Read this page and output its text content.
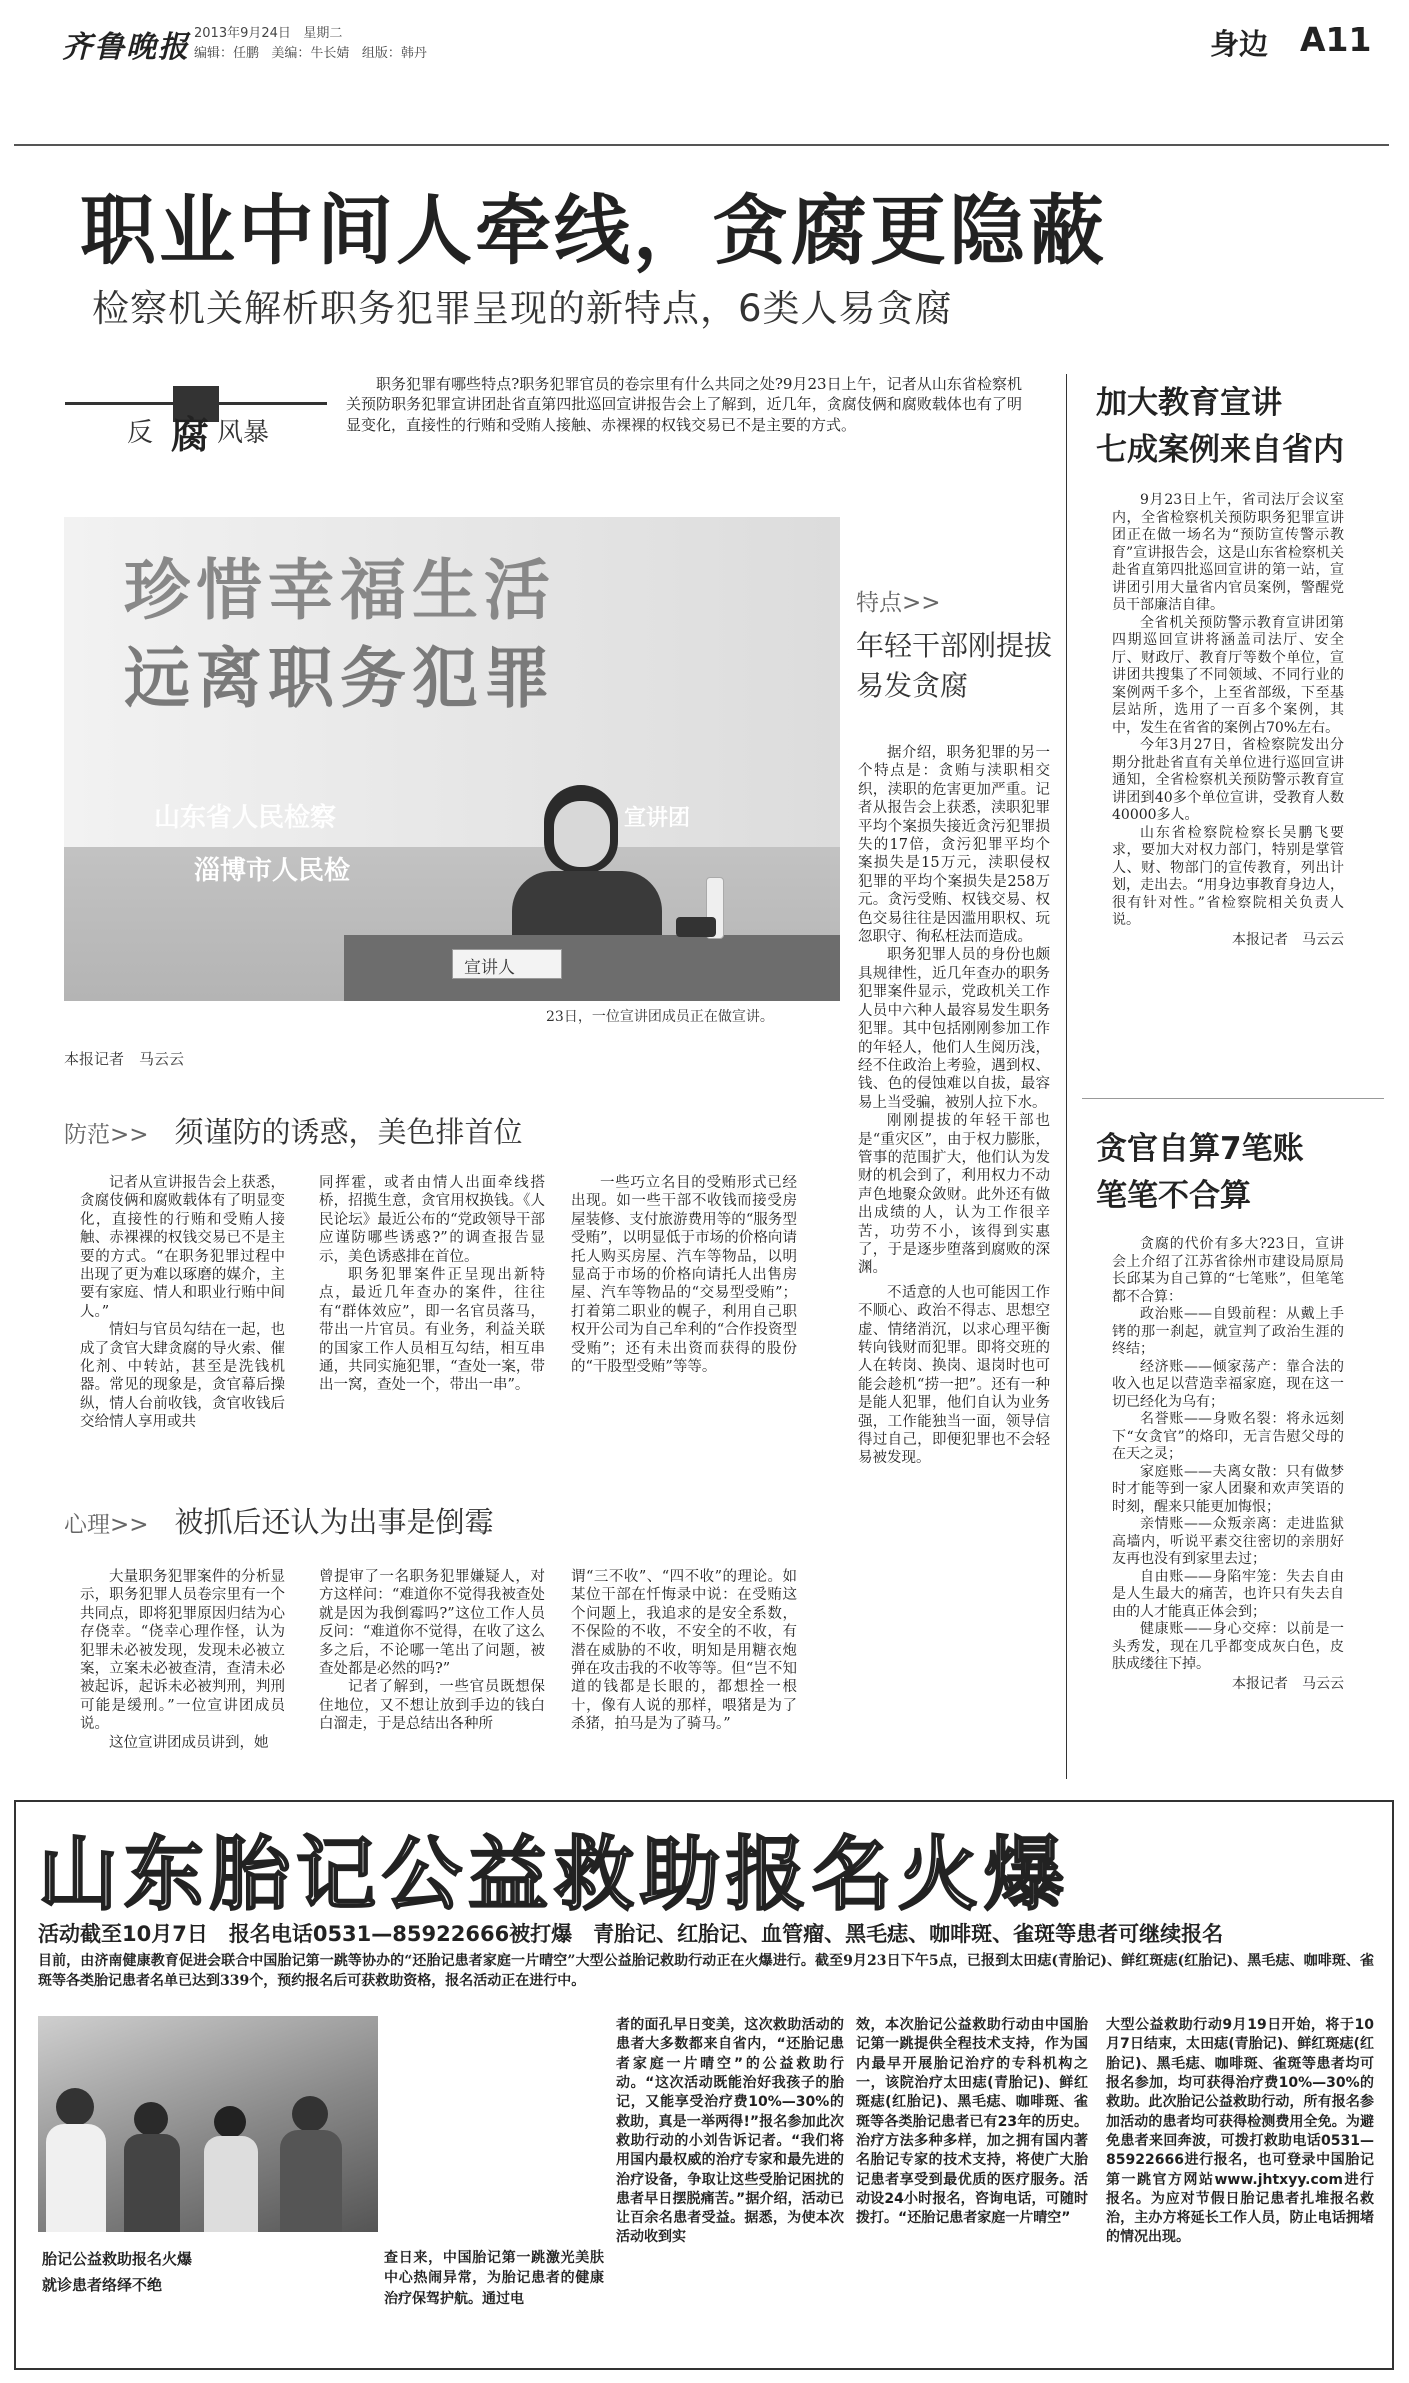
齐鲁晚报 2013年9月24日 星期二
编辑：任鹏 美编：牛长婧 组版：韩丹	身边 A11
职业中间人牵线，贪腐更隐蔽
检察机关解析职务犯罪呈现的新特点，6类人易贪腐
反 腐 风暴

职务犯罪有哪些特点?职务犯罪官员的卷宗里有什么共同之处?9月23日上午，记者从山东省检察机关预防职务犯罪宣讲团赴省直第四批巡回宣讲报告会上了解到，近几年，贪腐伎俩和腐败载体也有了明显变化，直接性的行贿和受贿人接触、赤裸裸的权钱交易已不是主要的方式。

珍惜幸福生活
远离职务犯罪
山东省人民检察
淄博市人民检
宣讲团
宣讲人
23日，一位宣讲团成员正在做宣讲。
本报记者　马云云
特点>>
年轻干部刚提拔
易发贪腐

据介绍，职务犯罪的另一个特点是：贪贿与渎职相交织，渎职的危害更加严重。记者从报告会上获悉，渎职犯罪平均个案损失接近贪污犯罪损失的17倍，贪污犯罪平均个案损失是15万元，渎职侵权犯罪的平均个案损失是258万元。贪污受贿、权钱交易、权色交易往往是因滥用职权、玩忽职守、徇私枉法而造成。

职务犯罪人员的身份也颇具规律性，近几年查办的职务犯罪案件显示，党政机关工作人员中六种人最容易发生职务犯罪。其中包括刚刚参加工作的年轻人，他们人生阅历浅，经不住政治上考验，遇到权、钱、色的侵蚀难以自拔，最容易上当受骗，被别人拉下水。

刚刚提拔的年轻干部也是“重灾区”，由于权力膨胀，管事的范围扩大，他们认为发财的机会到了，利用权力不动声色地聚众敛财。此外还有做出成绩的人，认为工作很辛苦，功劳不小，该得到实惠了，于是逐步堕落到腐败的深渊。

不适意的人也可能因工作不顺心、政治不得志、思想空虚、情绪消沉，以求心理平衡转向钱财而犯罪。即将交班的人在转岗、换岗、退岗时也可能会趁机“捞一把”。还有一种是能人犯罪，他们自认为业务强，工作能独当一面，领导信得过自己，即便犯罪也不会轻易被发现。

防范>> 须谨防的诱惑，美色排首位

记者从宣讲报告会上获悉，贪腐伎俩和腐败载体有了明显变化，直接性的行贿和受贿人接触、赤裸裸的权钱交易已不是主要的方式。“在职务犯罪过程中出现了更为难以琢磨的媒介，主要有家庭、情人和职业行贿中间人。”

情妇与官员勾结在一起，也成了贪官大肆贪腐的导火索、催化剂、中转站，甚至是洗钱机器。常见的现象是，贪官幕后操纵，情人台前收钱，贪官收钱后交给情人享用或共

同挥霍，或者由情人出面牵线搭桥，招揽生意，贪官用权换钱。《人民论坛》最近公布的“党政领导干部应谨防哪些诱惑?”的调查报告显示，美色诱惑排在首位。

职务犯罪案件正呈现出新特点，最近几年查办的案件，往往有“群体效应”，即一名官员落马，带出一片官员。有业务，利益关联的国家工作人员相互勾结，相互串通，共同实施犯罪，“查处一案，带出一窝，查处一个，带出一串”。

一些巧立名目的受贿形式已经出现。如一些干部不收钱而接受房屋装修、支付旅游费用等的“服务型受贿”，以明显低于市场的价格向请托人购买房屋、汽车等物品，以明显高于市场的价格向请托人出售房屋、汽车等物品的“交易型受贿”；打着第二职业的幌子，利用自己职权开公司为自己牟利的“合作投资型受贿”；还有未出资而获得的股份的“干股型受贿”等等。

心理>> 被抓后还认为出事是倒霉

大量职务犯罪案件的分析显示，职务犯罪人员卷宗里有一个共同点，即将犯罪原因归结为心存侥幸。“侥幸心理作怪，认为犯罪未必被发现，发现未必被立案，立案未必被查清，查清未必被起诉，起诉未必被判刑，判刑可能是缓刑。”一位宣讲团成员说。

这位宣讲团成员讲到，她

曾提审了一名职务犯罪嫌疑人，对方这样问：“难道你不觉得我被查处就是因为我倒霉吗?”这位工作人员反问：“难道你不觉得，在收了这么多之后，不论哪一笔出了问题，被查处都是必然的吗?”

记者了解到，一些官员既想保住地位，又不想让放到手边的钱白白溜走，于是总结出各种所

谓“三不收”、“四不收”的理论。如某位干部在忏悔录中说：在受贿这个问题上，我追求的是安全系数，不保险的不收，不安全的不收，有潜在威胁的不收，明知是用糖衣炮弹在攻击我的不收等等。但“岂不知道的钱都是长眼的，都想拴一根十，像有人说的那样，喂猪是为了杀猪，拍马是为了骑马。”

加大教育宣讲
七成案例来自省内

9月23日上午，省司法厅会议室内，全省检察机关预防职务犯罪宣讲团正在做一场名为“预防宣传警示教育”宣讲报告会，这是山东省检察机关赴省直第四批巡回宣讲的第一站，宣讲团引用大量省内官员案例，警醒党员干部廉洁自律。

全省机关预防警示教育宣讲团第四期巡回宣讲将涵盖司法厅、安全厅、财政厅、教育厅等数个单位，宣讲团共搜集了不同领域、不同行业的案例两千多个，上至省部级，下至基层站所，选用了一百多个案例，其中，发生在省省的案例占70%左右。

今年3月27日，省检察院发出分期分批赴省直有关单位进行巡回宣讲通知，全省检察机关预防警示教育宣讲团到40多个单位宣讲，受教育人数40000多人。

山东省检察院检察长吴鹏飞要求，要加大对权力部门，特别是掌管人、财、物部门的宣传教育，列出计划，走出去。“用身边事教育身边人，很有针对性。”省检察院相关负责人说。

本报记者　马云云

贪官自算7笔账
笔笔不合算

贪腐的代价有多大?23日，宣讲会上介绍了江苏省徐州市建设局原局长邱某为自己算的“七笔账”，但笔笔都不合算：

政治账——自毁前程：从戴上手铐的那一刹起，就宣判了政治生涯的终结；

经济账——倾家荡产：靠合法的收入也足以营造幸福家庭，现在这一切已经化为乌有；

名誉账——身败名裂：将永远刻下“女贪官”的烙印，无言告慰父母的在天之灵；

家庭账——夫离女散：只有做梦时才能等到一家人团聚和欢声笑语的时刻，醒来只能更加悔恨；

亲情账——众叛亲离：走进监狱高墙内，听说平素交往密切的亲朋好友再也没有到家里去过；

自由账——身陷牢笼：失去自由是人生最大的痛苦，也许只有失去自由的人才能真正体会到；

健康账——身心交瘁：以前是一头秀发，现在几乎都变成灰白色，皮肤成缕往下掉。

本报记者　马云云

山东胎记公益救助报名火爆
活动截至10月7日　报名电话0531—85922666被打爆　青胎记、红胎记、血管瘤、黑毛痣、咖啡斑、雀斑等患者可继续报名
目前，由济南健康教育促进会联合中国胎记第一跳等协办的“还胎记患者家庭一片晴空”大型公益胎记救助行动正在火爆进行。截至9月23日下午5点，已报到太田痣(青胎记)、鲜红斑痣(红胎记)、黑毛痣、咖啡斑、雀斑等各类胎记患者名单已达到339个，预约报名后可获救助资格，报名活动正在进行中。
胎记公益救助报名火爆
就诊患者络绎不绝
查日来，中国胎记第一跳激光美肤中心热闹异常，为胎记患者的健康治疗保驾护航。通过电
者的面孔早日变美，这次救助活动的患者大多数都来自省内，“还胎记患者家庭一片晴空”的公益救助行动。“这次活动既能治好我孩子的胎记，又能享受治疗费10%—30%的救助，真是一举两得!”报名参加此次救助行动的小刘告诉记者。“我们将用国内最权威的治疗专家和最先进的治疗设备，争取让这些受胎记困扰的患者早日摆脱痛苦。”据介绍，活动已让百余名患者受益。据悉，为使本次活动收到实
效，本次胎记公益救助行动由中国胎记第一跳提供全程技术支持，作为国内最早开展胎记治疗的专科机构之一，该院治疗太田痣(青胎记)、鲜红斑痣(红胎记)、黑毛痣、咖啡斑、雀斑等各类胎记患者已有23年的历史。治疗方法多种多样，加之拥有国内著名胎记专家的技术支持，将使广大胎记患者享受到最优质的医疗服务。活动设24小时报名，咨询电话，可随时拨打。“还胎记患者家庭一片晴空”
大型公益救助行动9月19日开始，将于10月7日结束，太田痣(青胎记)、鲜红斑痣(红胎记)、黑毛痣、咖啡斑、雀斑等患者均可报名参加，均可获得治疗费10%—30%的救助。此次胎记公益救助行动，所有报名参加活动的患者均可获得检测费用全免。为避免患者来回奔波，可拨打救助电话0531—85922666进行报名，也可登录中国胎记第一跳官方网站www.jhtxyy.com进行报名。为应对节假日胎记患者扎堆报名救治，主办方将延长工作人员，防止电话拥堵的情况出现。
